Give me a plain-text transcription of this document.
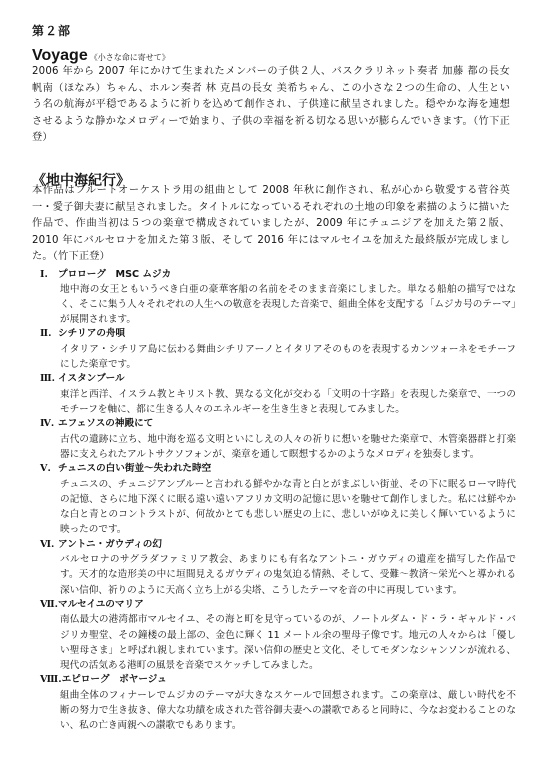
第２部
Voyage 《小さな命に寄せて》
2006 年から 2007 年にかけて生まれたメンバーの子供２人、バスクラリネット奏者 加藤 都の長女 帆南（ほなみ）ちゃん、ホルン奏者 林 克昌の長女 美希ちゃん、この小さな２つの生命の、人生という名の航海が平穏であるように祈りを込めて創作され、子供達に献呈されました。穏やかな海を連想させるような静かなメロディーで始まり、子供の幸福を祈る切なる思いが膨らんでいきます。（竹下正登）
《地中海紀行》
本作品はフルートオーケストラ用の組曲として 2008 年秋に創作され、私が心から敬愛する菅谷英一・愛子御夫妻に献呈されました。タイトルになっているそれぞれの土地の印象を素描のように描いた作品で、作曲当初は５つの楽章で構成されていましたが、2009 年にチュニジアを加えた第２版、2010 年にバルセロナを加えた第３版、そして 2016 年にはマルセイユを加えた最終版が完成しました。（竹下正登）
Ⅰ. プロローグ　MSC ムジカ
地中海の女王ともいうべき白亜の豪華客船の名前をそのまま音楽にしました。単なる船舶の描写ではなく、そこに集う人々それぞれの人生への敬意を表現した音楽で、組曲全体を支配する「ムジカ号のテーマ」が展開されます。
Ⅱ. シチリアの舟唄
イタリア・シチリア島に伝わる舞曲シチリアーノとイタリアそのものを表現するカンツォーネをモチーフにした楽章です。
Ⅲ. イスタンブール
東洋と西洋、イスラム教とキリスト教、異なる文化が交わる「文明の十字路」を表現した楽章で、一つのモチーフを軸に、都に生きる人々のエネルギーを生き生きと表現してみました。
Ⅳ. エフェソスの神殿にて
古代の遺跡に立ち、地中海を巡る文明といにしえの人々の祈りに想いを馳せた楽章で、木管楽器群と打楽器に支えられたアルトサクソフォンが、楽章を通して瞑想するかのようなメロディを独奏します。
Ⅴ. チュニスの白い街並～失われた時空
チュニスの、チュニジアンブルーと言われる鮮やかな青と白とがまぶしい街並、その下に眠るローマ時代の記憶、さらに地下深くに眠る遠い遠いアフリカ文明の記憶に思いを馳せて創作しました。私には鮮やかな白と青とのコントラストが、何故かとても悲しい歴史の上に、悲しいがゆえに美しく輝いているように映ったのです。
Ⅵ. アントニ・ガウディの幻
バルセロナのサグラダファミリア教会、あまりにも有名なアントニ・ガウディの遺産を描写した作品です。天才的な造形美の中に垣間見えるガウディの鬼気迫る情熱、そして、受難～教済～栄光へと導かれる深い信仰、祈りのように天高く立ち上がる尖塔、こうしたテーマを音の中に再現しています。
Ⅶ.マルセイユのマリア
南仏最大の港湾都市マルセイユ、その海と町を見守っているのが、ノートルダム・ド・ラ・ギャルド・バジリカ聖堂、その鐘楼の最上部の、金色に輝く 11 メートル余の聖母子像です。地元の人々からは「優しい聖母さま」と呼ばれ親しまれています。深い信仰の歴史と文化、そしてモダンなシャンソンが流れる、現代の活気ある港町の風景を音楽でスケッチしてみました。
Ⅷ.エピローグ　ボヤージュ
組曲全体のフィナーレでムジカのテーマが大きなスケールで回想されます。この楽章は、厳しい時代を不断の努力で生き抜き、偉大な功績を成された菅谷御夫妻への讃歌であると同時に、今なお変わることのない、私の亡き両親への讃歌でもあります。
